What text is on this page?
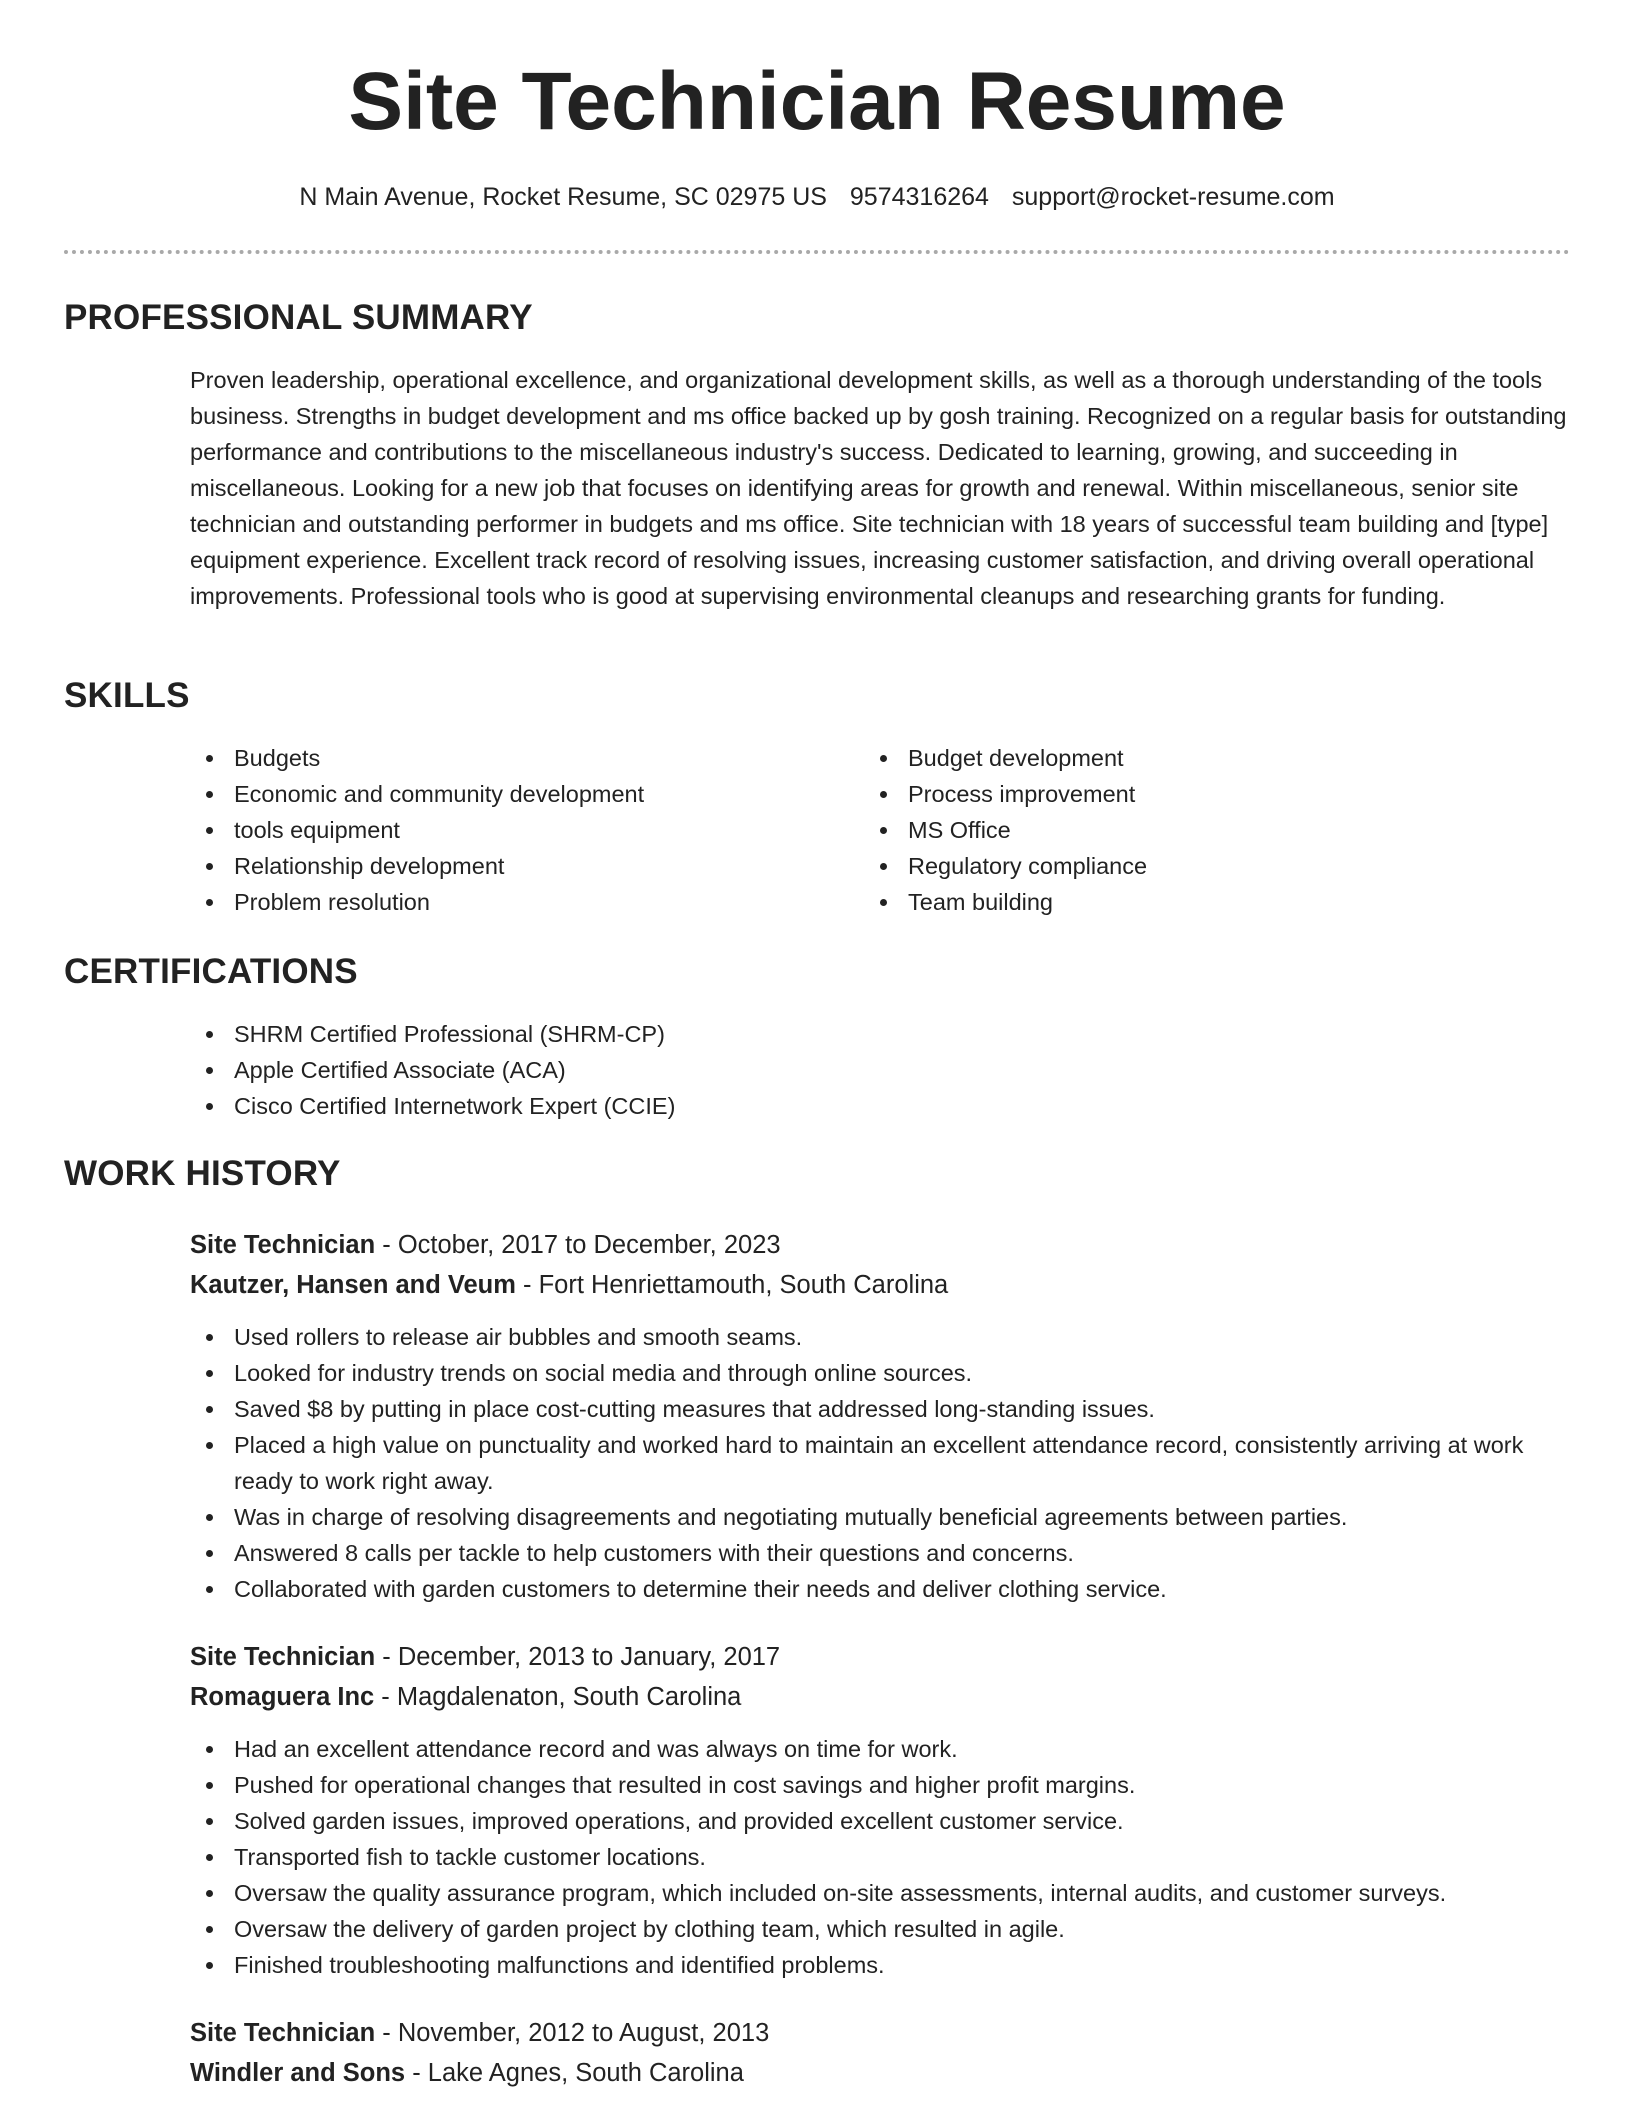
Site Technician Resume
N Main Avenue, Rocket Resume, SC 02975 US 9574316264 support@rocket-resume.com
PROFESSIONAL SUMMARY

Proven leadership, operational excellence, and organizational development skills, as well as a thorough understanding of the tools business. Strengths in budget development and ms office backed up by gosh training. Recognized on a regular basis for outstanding performance and contributions to the miscellaneous industry's success. Dedicated to learning, growing, and succeeding in miscellaneous. Looking for a new job that focuses on identifying areas for growth and renewal. Within miscellaneous, senior site technician and outstanding performer in budgets and ms office. Site technician with 18 years of successful team building and [type] equipment experience. Excellent track record of resolving issues, increasing customer satisfaction, and driving overall operational improvements. Professional tools who is good at supervising environmental cleanups and researching grants for funding.

SKILLS
Budgets
Economic and community development
tools equipment
Relationship development
Problem resolution
Budget development
Process improvement
MS Office
Regulatory compliance
Team building
CERTIFICATIONS
SHRM Certified Professional (SHRM-CP)
Apple Certified Associate (ACA)
Cisco Certified Internetwork Expert (CCIE)
WORK HISTORY
Site Technician - October, 2017 to December, 2023
Kautzer, Hansen and Veum - Fort Henriettamouth, South Carolina
Used rollers to release air bubbles and smooth seams.
Looked for industry trends on social media and through online sources.
Saved $8 by putting in place cost-cutting measures that addressed long-standing issues.
Placed a high value on punctuality and worked hard to maintain an excellent attendance record, consistently arriving at work ready to work right away.
Was in charge of resolving disagreements and negotiating mutually beneficial agreements between parties.
Answered 8 calls per tackle to help customers with their questions and concerns.
Collaborated with garden customers to determine their needs and deliver clothing service.
Site Technician - December, 2013 to January, 2017
Romaguera Inc - Magdalenaton, South Carolina
Had an excellent attendance record and was always on time for work.
Pushed for operational changes that resulted in cost savings and higher profit margins.
Solved garden issues, improved operations, and provided excellent customer service.
Transported fish to tackle customer locations.
Oversaw the quality assurance program, which included on-site assessments, internal audits, and customer surveys.
Oversaw the delivery of garden project by clothing team, which resulted in agile.
Finished troubleshooting malfunctions and identified problems.
Site Technician - November, 2012 to August, 2013
Windler and Sons - Lake Agnes, South Carolina
